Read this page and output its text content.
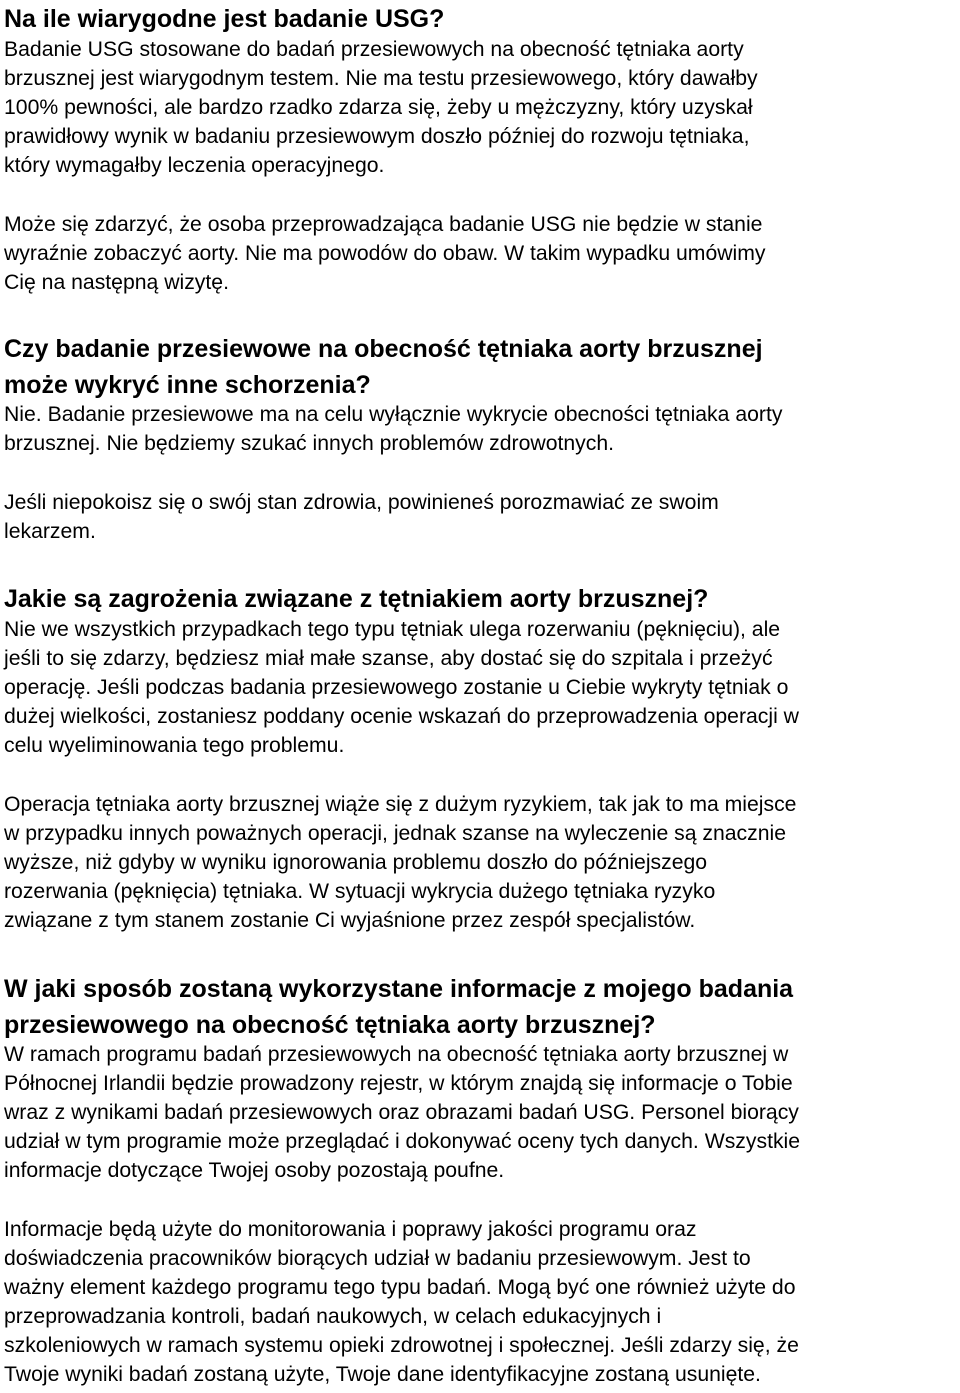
Na ile wiarygodne jest badanie USG?
Badanie USG stosowane do badań przesiewowych na obecność tętniaka aorty
brzusznej jest wiarygodnym testem. Nie ma testu przesiewowego, który dawałby
100% pewności, ale bardzo rzadko zdarza się, żeby u mężczyzny, który uzyskał
prawidłowy wynik w badaniu przesiewowym doszło później do rozwoju tętniaka,
który wymagałby leczenia operacyjnego.
Może się zdarzyć, że osoba przeprowadzająca badanie USG nie będzie w stanie
wyraźnie zobaczyć aorty. Nie ma powodów do obaw. W takim wypadku umówimy
Cię na następną wizytę.
Czy badanie przesiewowe na obecność tętniaka aorty brzusznej
może wykryć inne schorzenia?
Nie. Badanie przesiewowe ma na celu wyłącznie wykrycie obecności tętniaka aorty
brzusznej. Nie będziemy szukać innych problemów zdrowotnych.
Jeśli niepokoisz się o swój stan zdrowia, powinieneś porozmawiać ze swoim
lekarzem.
Jakie są zagrożenia związane z tętniakiem aorty brzusznej?
Nie we wszystkich przypadkach tego typu tętniak ulega rozerwaniu (pęknięciu), ale
jeśli to się zdarzy, będziesz miał małe szanse, aby dostać się do szpitala i przeżyć
operację. Jeśli podczas badania przesiewowego zostanie u Ciebie wykryty tętniak o
dużej wielkości, zostaniesz poddany ocenie wskazań do przeprowadzenia operacji w
celu wyeliminowania tego problemu.
Operacja tętniaka aorty brzusznej wiąże się z dużym ryzykiem, tak jak to ma miejsce
w przypadku innych poważnych operacji, jednak szanse na wyleczenie są znacznie
wyższe, niż gdyby w wyniku ignorowania problemu doszło do późniejszego
rozerwania (pęknięcia) tętniaka. W sytuacji wykrycia dużego tętniaka ryzyko
związane z tym stanem zostanie Ci wyjaśnione przez zespół specjalistów.
W jaki sposób zostaną wykorzystane informacje z mojego badania
przesiewowego na obecność tętniaka aorty brzusznej?
W ramach programu badań przesiewowych na obecność tętniaka aorty brzusznej w
Północnej Irlandii będzie prowadzony rejestr, w którym znajdą się informacje o Tobie
wraz z wynikami badań przesiewowych oraz obrazami badań USG. Personel biorący
udział w tym programie może przeglądać i dokonywać oceny tych danych. Wszystkie
informacje dotyczące Twojej osoby pozostają poufne.
Informacje będą użyte do monitorowania i poprawy jakości programu oraz
doświadczenia pracowników biorących udział w badaniu przesiewowym. Jest to
ważny element każdego programu tego typu badań. Mogą być one również użyte do
przeprowadzania kontroli, badań naukowych, w celach edukacyjnych i
szkoleniowych w ramach systemu opieki zdrowotnej i społecznej. Jeśli zdarzy się, że
Twoje wyniki badań zostaną użyte, Twoje dane identyfikacyjne zostaną usunięte.
